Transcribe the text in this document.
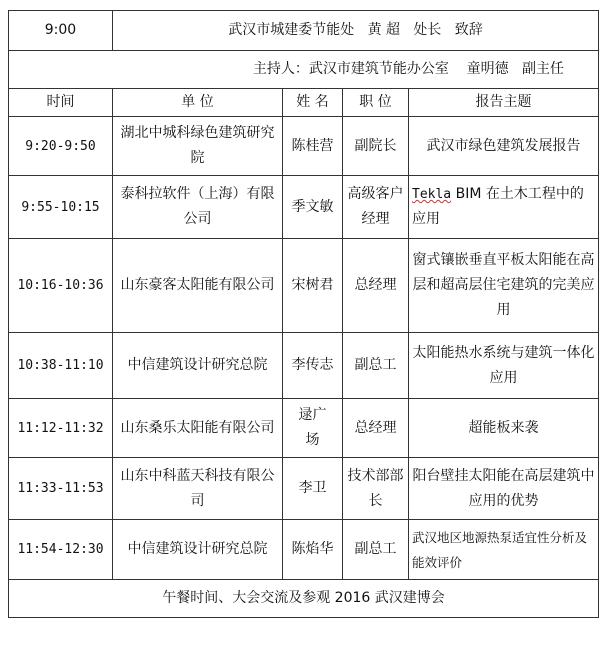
9:00	武汉市城建委节能处   黄 超   处长   致辞			
主持人：武汉市建筑节能办公室    童明德   副主任				
时间	单 位	姓 名	职 位	报告主题
9:20-9:50	湖北中城科绿色建筑研究院	陈桂营	副院长	武汉市绿色建筑发展报告
9:55-10:15	泰科拉软件（上海）有限公司	季文敏	高级客户经理	Tekla BIM 在土木工程中的应用
10:16-10:36	山东豪客太阳能有限公司	宋树君	总经理	窗式镶嵌垂直平板太阳能在高层和超高层住宅建筑的完美应用
10:38-11:10	中信建筑设计研究总院	李传志	副总工	太阳能热水系统与建筑一体化应用
11:12-11:32	山东桑乐太阳能有限公司	逯广场	总经理	超能板来袭
11:33-11:53	山东中科蓝天科技有限公司	李卫	技术部部长	阳台壁挂太阳能在高层建筑中应用的优势
11:54-12:30	中信建筑设计研究总院	陈焰华	副总工	武汉地区地源热泵适宜性分析及能效评价
午餐时间、大会交流及参观 2016 武汉建博会				
